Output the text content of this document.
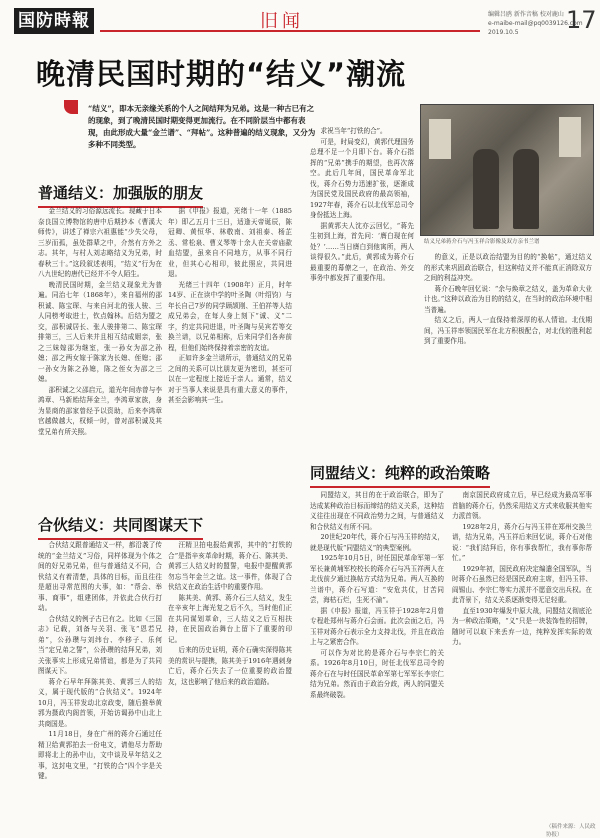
国防時報	旧闻	编辑吕鸥 新作音稿 校对鹿山
e-maibe-mail@pq0039126.com
2019.10.5	17
晚清民国时期的“结义”潮流
“结义”，即本无亲缘关系的个人之间结拜为兄弟。这是一种古已有之的现象，到了晚清民国时期变得更加流行。在不同阶层当中都有表现，由此形成大量“金兰谱”、“拜帖”。这种普遍的结义现象，又分为多种不同类型。
结义兄弟蒋介石与冯玉祥合影像及双方亲书兰谱
普通结义：加强版的朋友
合伙结义：共同图谋天下
同盟结义：纯粹的政治策略

金兰结义的习俗源远流长。现藏于日本奈良国立博物馆的唐中后期抄本《曹溪大师传》，讲述了禅宗六祖惠能“少失父母，三岁而孤，虽处群辈之中，介然有方外之志。其年，与村人刘志略结义为兄弟，时春秋三十。”这段叙述表明，“结义”行为在八九世纪的唐代已经并不令人陌生。

晚清民国时期，金兰结义现象尤为普遍。同治七年（1868年），来自福州的邵积诚、陈宝琛、与来自河北的张人骏、三人同榜考取进士，钦点翰林。后结为盟之交，邵积诚居长、张人骏排第二、陈宝琛排第三，三人后来并且相互结成姻亲，张之三妹嫁邵为继室，张一孙女为邵之孙媳；邵之两女嫁于陈家为长媳、侄媳；邵一孙女为陈之孙媳，陈之侄女为邵之三媳。

邵积诚之父邵启元，道光年间赤曾与李鸿章、马新贻结拜金兰，李鸿章家族，身为显商的邵家曾经予以资助，后来李鸿章官越做越大，权倾一时，曾对邵积诚及其堂兄弟有所关照。

据《申报》报道，光绪十一年（1885年）即乙五月十三日，适逢天帝诞辰，陈冠卿、黄恒华、林敬南、刘祖泰、杨芷丞、常松泉、曹义琴等十余人在关帝庙歃血结盟，虽来自不同地方，从事不同行业，但其心心相印，彼此照应，共同进退。

光绪三十四年（1908年）正月，时年14岁、正在读中学的叶圣陶（叶绍钧）与年长自己7岁的同学顾颉刚、王伯祥等人结成兄弟会，在每人身上刻下“诚、义”二字，约定共同进退，叶圣陶与吴宾若等交换兰谱，以兄弟相称，后来同学们各奔前程，但他们始终保持着亲密的友谊。

正如许多金兰谱所示，普通结义的兄弟之间的关系可以比朋友更为密切，甚至可以在一定程度上接近于亲人。通常，结义对于当事人来说是具有重大意义的事件，甚至会影响其一生。

合伙结义跟普通结义一样，都沿袭了传统的“金兰结义”习俗，同样体现为个体之间的好兄弟兄弟，但与普通结义不同，合伙结义有着清楚，具体的目标，而且往往是超出寻常范围的大事，如：“帮会、举事、商事”，组建团体，并依此合伙行打动。

合伙结义的例子古已有之。比如《三国志》记载，刘备与关羽、张飞“恩若兄弟”，公孙瓒与刘纬台、李移子、乐何当“定兄弟之誓”，公孙瓒的结拜兄弟，刘关张事实上形成兄弟情谊，都是为了共同图谋天下。

蒋介石早年拜陈其美、黄郛三人的结义，属于现代版的“合伙结义”。1924年10月，冯玉祥发动北京政变，随后推举黄郛为摄政内阁首领，开始访谒孙中山北上共商国是。

11月18日，身在广州的蒋介石通过任精卫给黄郛拍去一份电文，请他尽力帮助即将北上的孙中山，文中谈及早年结义之事，这封电文里，“打铁的合”四个字是关键。

汪精卫拍电报给黄郛，其中的“打铁的合”是指辛亥革命时期，蒋介石、陈其美、黄郛三人结义时的盟誓，电报中提醒黄郛勿忘当年金兰之谊。这一事件，体现了合伙结义在政治生活中的重要作用。

陈其美、黄郛、蒋介石三人结义，发生在辛亥年上海光复之后不久，当时他们正在共同谋划革命，三人结义之后互相扶持，在民国政治舞台上留下了重要的印记。

后来的历史证明，蒋介石确实深得陈其美的赏识与提携，陈其美于1916年遇刺身亡后，蒋介石失去了一位重要的政治盟友，这也影响了他后来的政治道路。

求祝当年“打铁的合”。

可是，时局变幻，黄郛代理国务总理不足一个月即下台。蒋介石指挥的“兄弟”携手的期望，也再次落空。此后几年间，国民革命军北伐，蒋介石势力迅速扩张，逐渐成为国民党及国民政府的最高领袖，1927年春，蒋介石以北伐军总司令身份抵达上海。

据黄郛夫人沈亦云回忆，“蒋先生初到上海，首先问：‘膺白现在何处？’……当日膺白到他寓所，两人谈得很久。”此后，黄郛成为蒋介石最重要的幕僚之一，在政治、外交事务中都发挥了重要作用。

的意义，正是以政治结盟为目的的“换帖”，通过结义的形式来巩固政治联合，但这种结义并不能真正消除双方之间的利益冲突。

蒋介石晚年回忆说：“余与焕章之结义，盖为革命大业计也。”这种以政治为目的的结义，在当时的政治环境中相当普遍。

结义之后，两人一直保持着深厚的私人情谊。北伐期间，冯玉祥率领国民军在北方积极配合，对北伐的胜利起到了重要作用。

同盟结义，其目的在于政治联合，即为了达成某种政治目标而缔结的结义关系，这种结义往往出现在不同政治势力之间，与普通结义和合伙结义有所不同。

20世纪20年代，蒋介石与冯玉祥的结义，就是现代版“同盟结义”的典型案例。

1925年10月5日，时任国民革命军第一军军长兼黄埔军校校长的蒋介石与冯玉祥两人在北伐前夕通过换帖方式结为兄弟。两人互换的兰谱中，蒋介石写道：“安危共仗，甘苦同尝，海枯石烂，生死不渝”。

据《申报》报道，冯玉祥于1928年2月曾专程赴郑州与蒋介石会面。此次会面之后，冯玉祥对蒋介石表示全力支持北伐，并且在政治上与之紧密合作。

可以作为对比的是蒋介石与李宗仁的关系。1926年8月10日，时任北伐军总司令的蒋介石在与时任国民革命军第七军军长李宗仁结为兄弟。然而由于政治分歧，两人的同盟关系最终破裂。

南京国民政府成立后，早已经成为最高军事首脑的蒋介石，仍然采用结义方式来收服其他实力派首领。

1928年2月，蒋介石与冯玉祥在郑州交换兰谱，结为兄弟，冯玉祥后来回忆说，蒋介石对他说：“我们结拜后，你有事我帮忙，我有事你帮忙。”

1929年初，国民政府决定编遣全国军队，当时蒋介石虽然已经是国民政府主席，但冯玉祥、阎锡山、李宗仁等实力派并不愿意交出兵权。在此背景下，结义关系逐渐变得无足轻重。

直至1930年爆发中原大战，同盟结义彻底沦为一种政治策略，“义”只是一块装饰性的招牌，随时可以取下来丢弃一边，纯粹发挥实际的效力。

（稿件来源：人民政协报）
